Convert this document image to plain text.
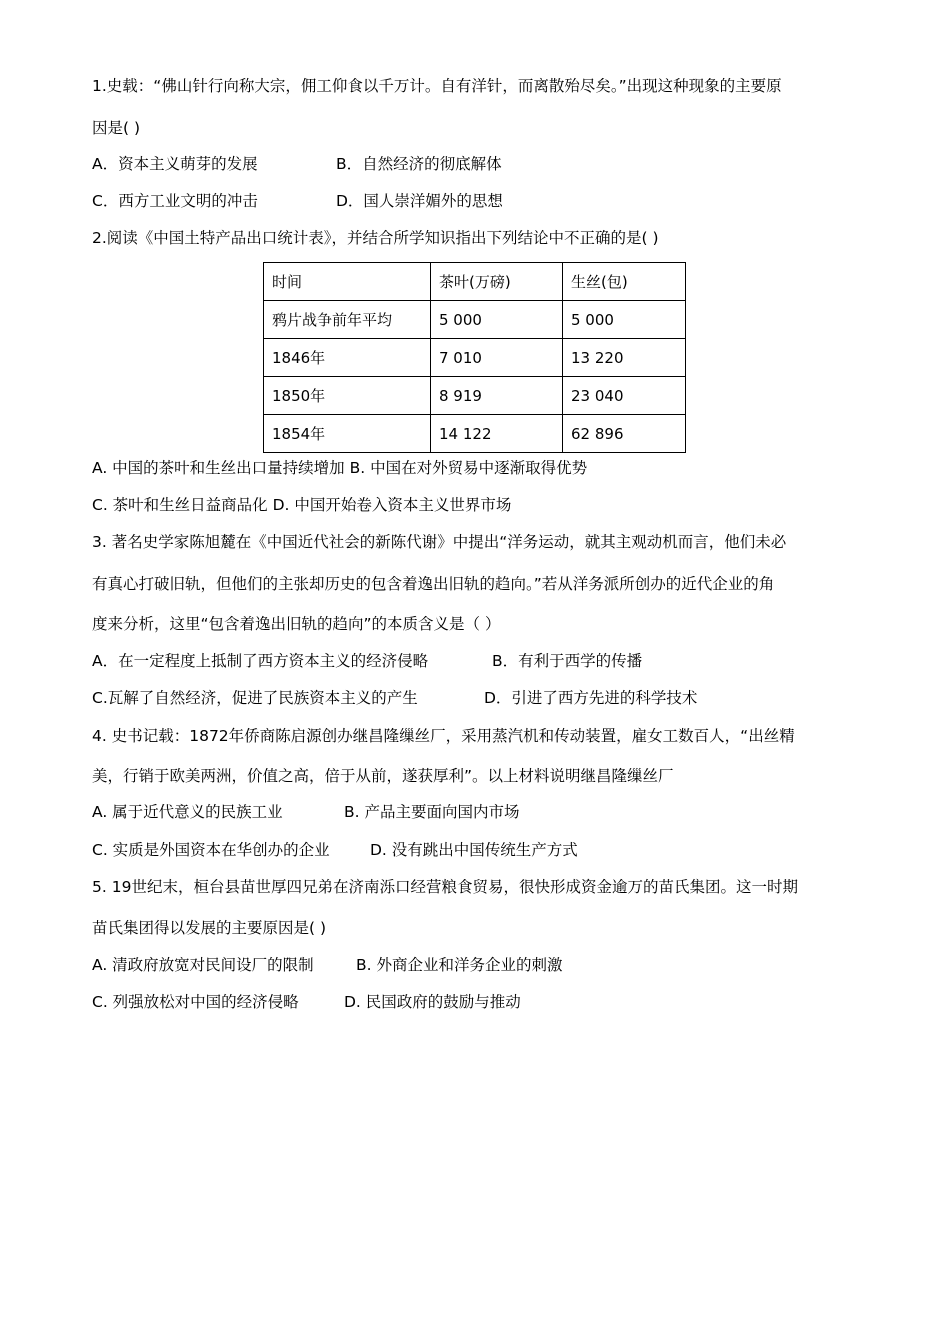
1.史载：“佛山针行向称大宗，佣工仰食以千万计。自有洋针，而离散殆尽矣。”出现这种现象的主要原
因是( )
A．资本主义萌芽的发展	B．自然经济的彻底解体
C．西方工业文明的冲击	D．国人崇洋媚外的思想
2.阅读《中国土特产品出口统计表》，并结合所学知识指出下列结论中不正确的是( )
时间	茶叶(万磅)	生丝(包)
鸦片战争前年平均	5 000	5 000
1846年	7 010	13 220
1850年	8 919	23 040
1854年	14 122	62 896
A. 中国的茶叶和生丝出口量持续增加 B. 中国在对外贸易中逐渐取得优势
C. 茶叶和生丝日益商品化 D. 中国开始卷入资本主义世界市场
3. 著名史学家陈旭麓在《中国近代社会的新陈代谢》中提出“洋务运动，就其主观动机而言，他们未必
有真心打破旧轨，但他们的主张却历史的包含着逸出旧轨的趋向。”若从洋务派所创办的近代企业的角
度来分析，这里“包含着逸出旧轨的趋向”的本质含义是（ ）
A．在一定程度上抵制了西方资本主义的经济侵略	B．有利于西学的传播
C.瓦解了自然经济，促进了民族资本主义的产生	D．引进了西方先进的科学技术
4. 史书记载：1872年侨商陈启源创办继昌隆缫丝厂，采用蒸汽机和传动装置，雇女工数百人，“出丝精
美，行销于欧美两洲，价值之高，倍于从前，遂获厚利”。以上材料说明继昌隆缫丝厂
A. 属于近代意义的民族工业	B. 产品主要面向国内市场
C. 实质是外国资本在华创办的企业	D. 没有跳出中国传统生产方式
5. 19世纪末，桓台县苗世厚四兄弟在济南泺口经营粮食贸易，很快形成资金逾万的苗氏集团。这一时期
苗氏集团得以发展的主要原因是( )
A. 清政府放宽对民间设厂的限制	B. 外商企业和洋务企业的刺激
C. 列强放松对中国的经济侵略	D. 民国政府的鼓励与推动
